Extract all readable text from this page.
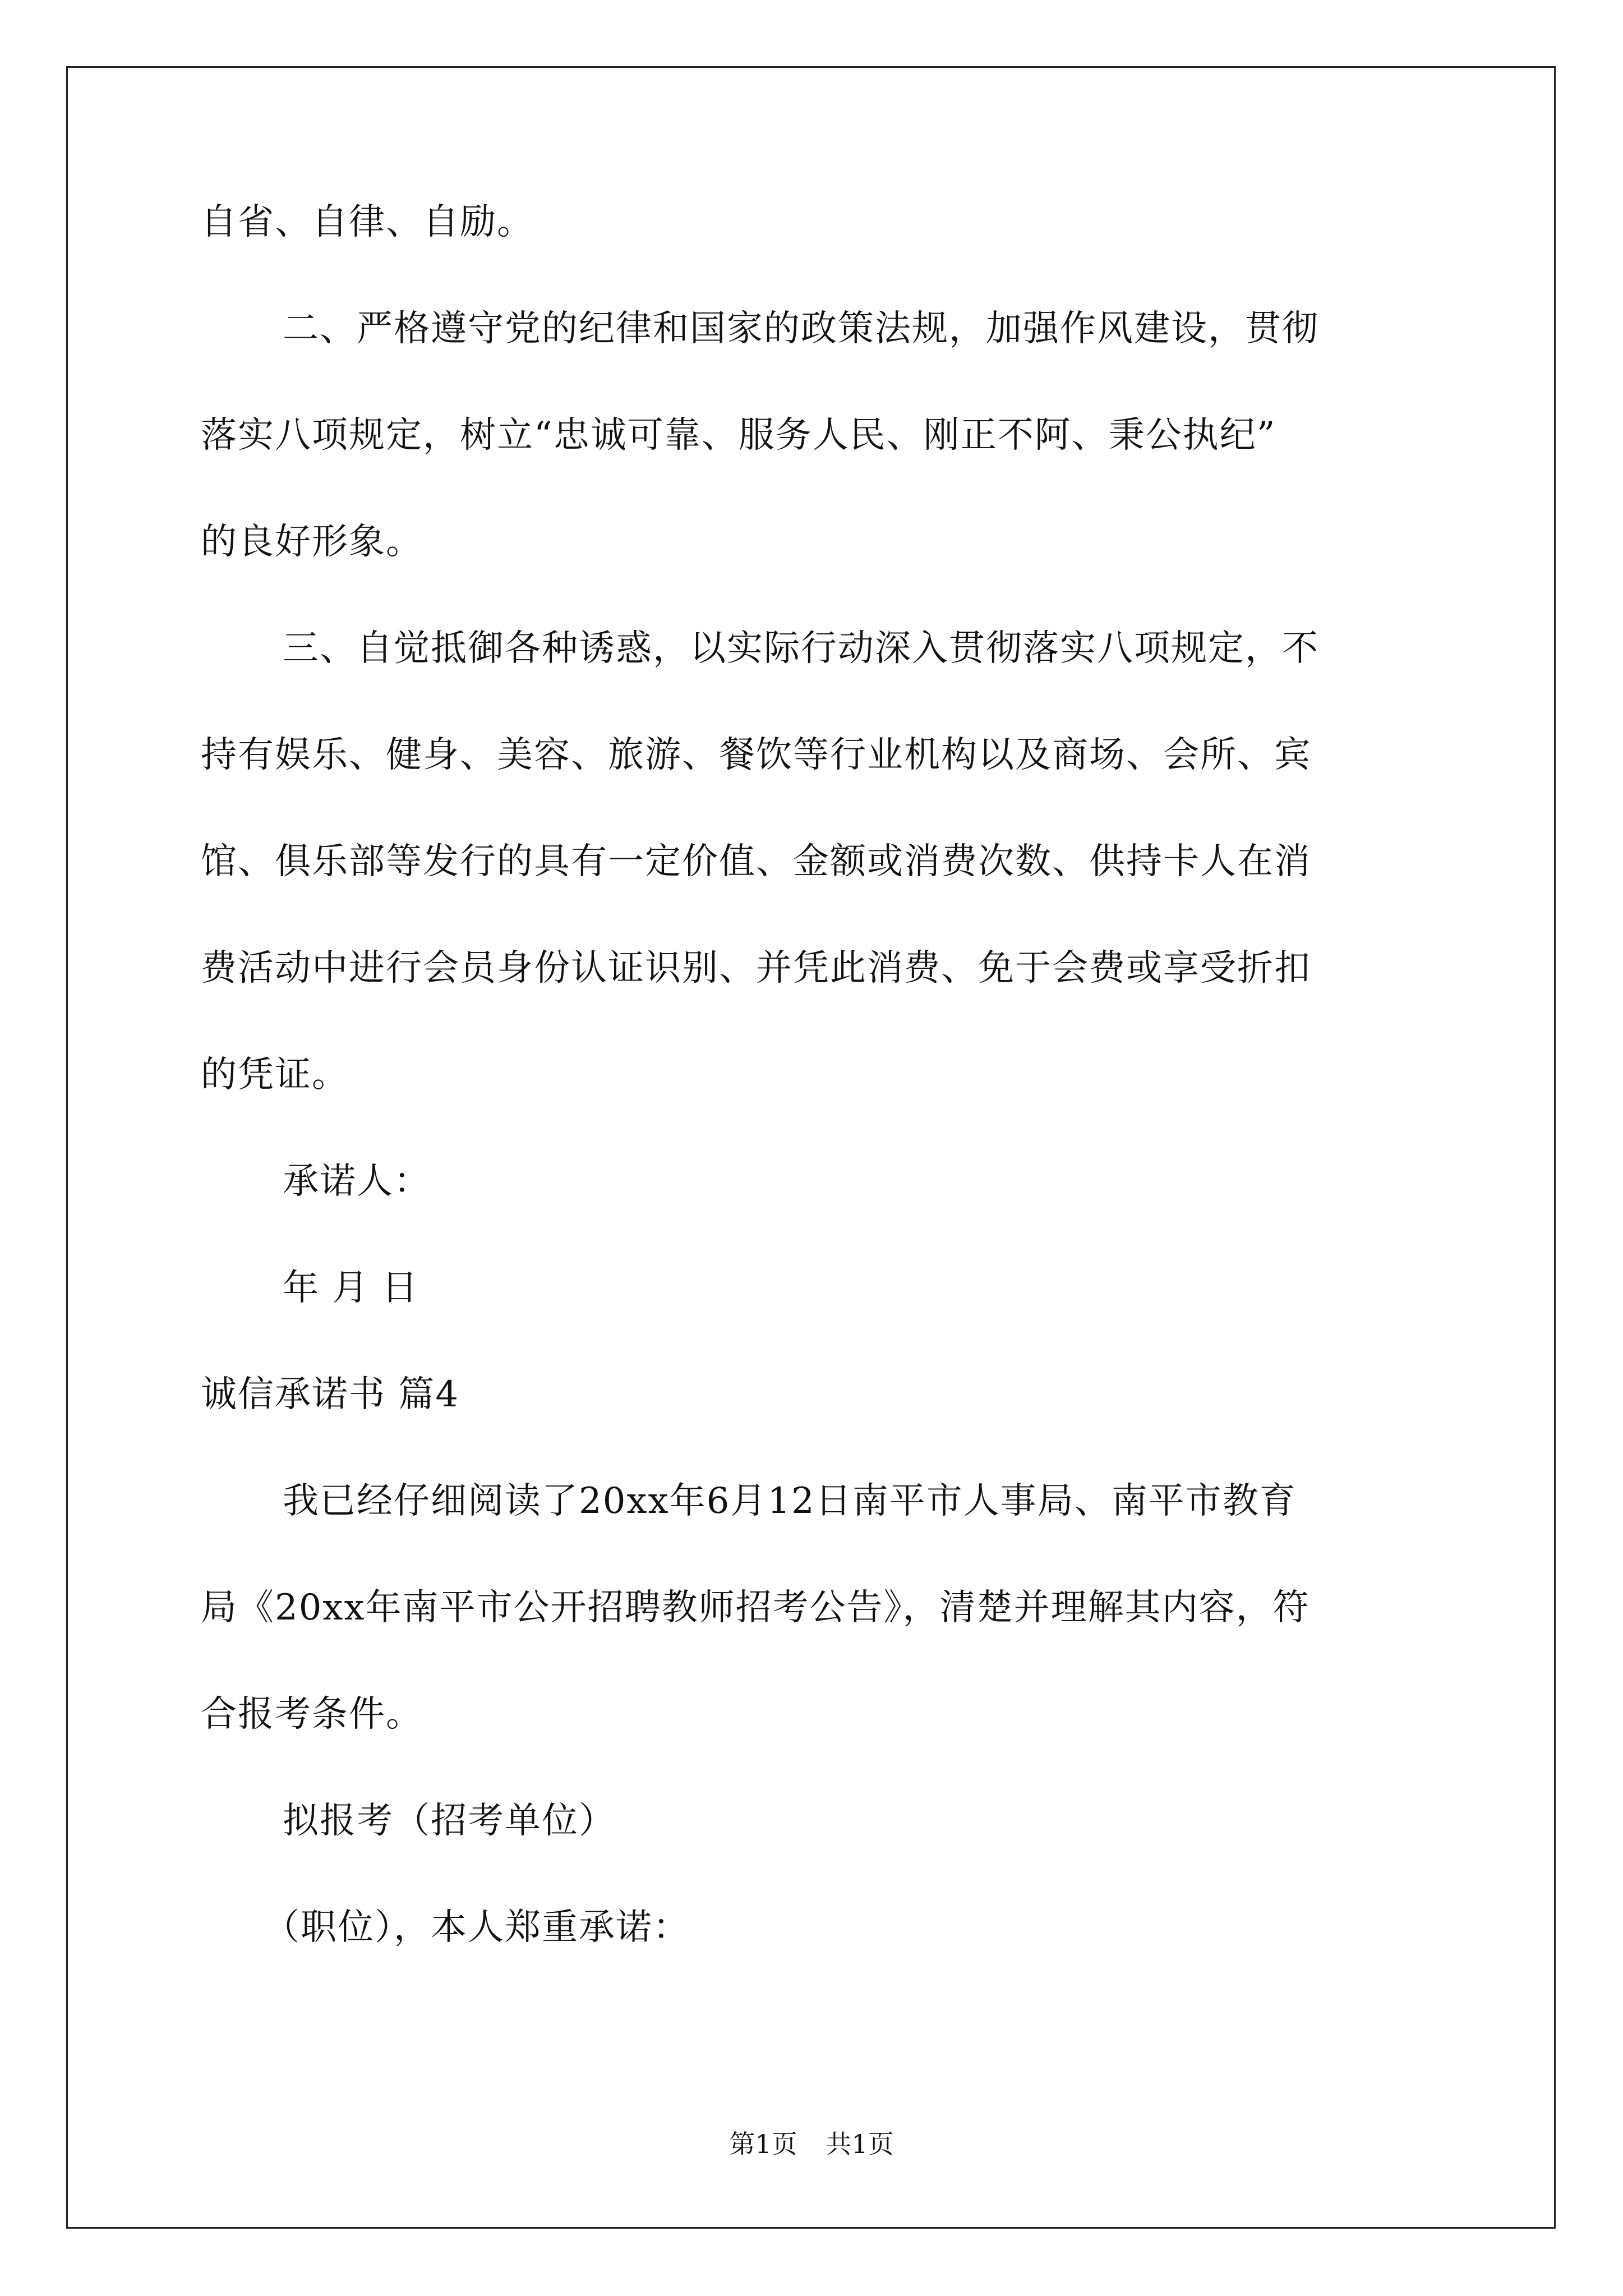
自省、自律、自励。
二、严格遵守党的纪律和国家的政策法规，加强作风建设，贯彻
落实八项规定，树立“忠诚可靠、服务人民、刚正不阿、秉公执纪”
的良好形象。
三、自觉抵御各种诱惑，以实际行动深入贯彻落实八项规定，不
持有娱乐、健身、美容、旅游、餐饮等行业机构以及商场、会所、宾
馆、俱乐部等发行的具有一定价值、金额或消费次数、供持卡人在消
费活动中进行会员身份认证识别、并凭此消费、免于会费或享受折扣
的凭证。
承诺人：
年 月 日
诚信承诺书 篇4
我已经仔细阅读了20xx年6月12日南平市人事局、南平市教育
局《20xx年南平市公开招聘教师招考公告》，清楚并理解其内容，符
合报考条件。
拟报考（招考单位）
（职位），本人郑重承诺：
第1页 共1页
